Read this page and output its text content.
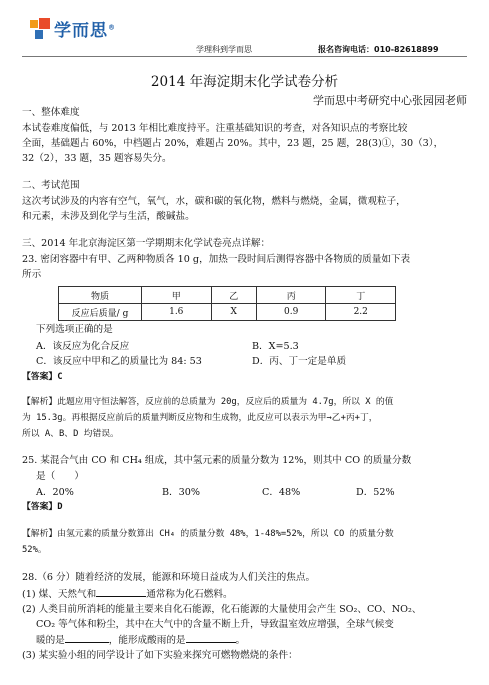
学而思®
学理科到学而思	报名咨询电话：010-82618899
2014 年海淀期末化学试卷分析
学而思中考研究中心张园园老师
一、整体难度
本试卷难度偏低，与 2013 年相比难度持平。注重基础知识的考查，对各知识点的考察比较
全面，基础题占 60%，中档题占 20%，难题占 20%。其中，23 题，25 题，28(3)①，30（3），
32（2），33 题，35 题容易失分。
二、考试范围
这次考试涉及的内容有空气，氧气，水，碳和碳的氧化物，燃料与燃烧，金属，微观粒子，
和元素，未涉及到化学与生活，酸碱盐。
三、2014 年北京海淀区第一学期期末化学试卷亮点详解：
23. 密闭容器中有甲、乙两种物质各 10 g，加热一段时间后测得容器中各物质的质量如下表
所示
物质	甲	乙	丙	丁
反应后质量/ g	1.6	X	0.9	2.2
下列选项正确的是
A．该反应为化合反应	B．X=5.3
C．该反应中甲和乙的质量比为 84: 53	D．丙、丁一定是单质
【答案】C
【解析】此题应用守恒法解答，反应前的总质量为 20g，反应后的质量为 4.7g，所以 X 的值
为 15.3g。再根据反应前后的质量判断反应物和生成物，此反应可以表示为甲→乙+丙+丁，
所以 A、B、D 均错误。
25. 某混合气由 CO 和 CH₄ 组成，其中氢元素的质量分数为 12%，则其中 CO 的质量分数
是（　　）
A．20%	B．30%	C．48%	D．52%
【答案】D
【解析】由氢元素的质量分数算出 CH₄ 的质量分数 48%，1-48%=52%，所以 CO 的质量分数
52%。
28.（6 分）随着经济的发展，能源和环境日益成为人们关注的焦点。
(1) 煤、天然气和	通常称为化石燃料。
(2) 人类目前所消耗的能量主要来自化石能源，化石能源的大量使用会产生 SO₂、CO、NO₂、
CO₂ 等气体和粉尘，其中在大气中的含量不断上升，导致温室效应增强，全球气候变
暖的是	，能形成酸雨的是	。
(3) 某实验小组的同学设计了如下实验来探究可燃物燃烧的条件：
